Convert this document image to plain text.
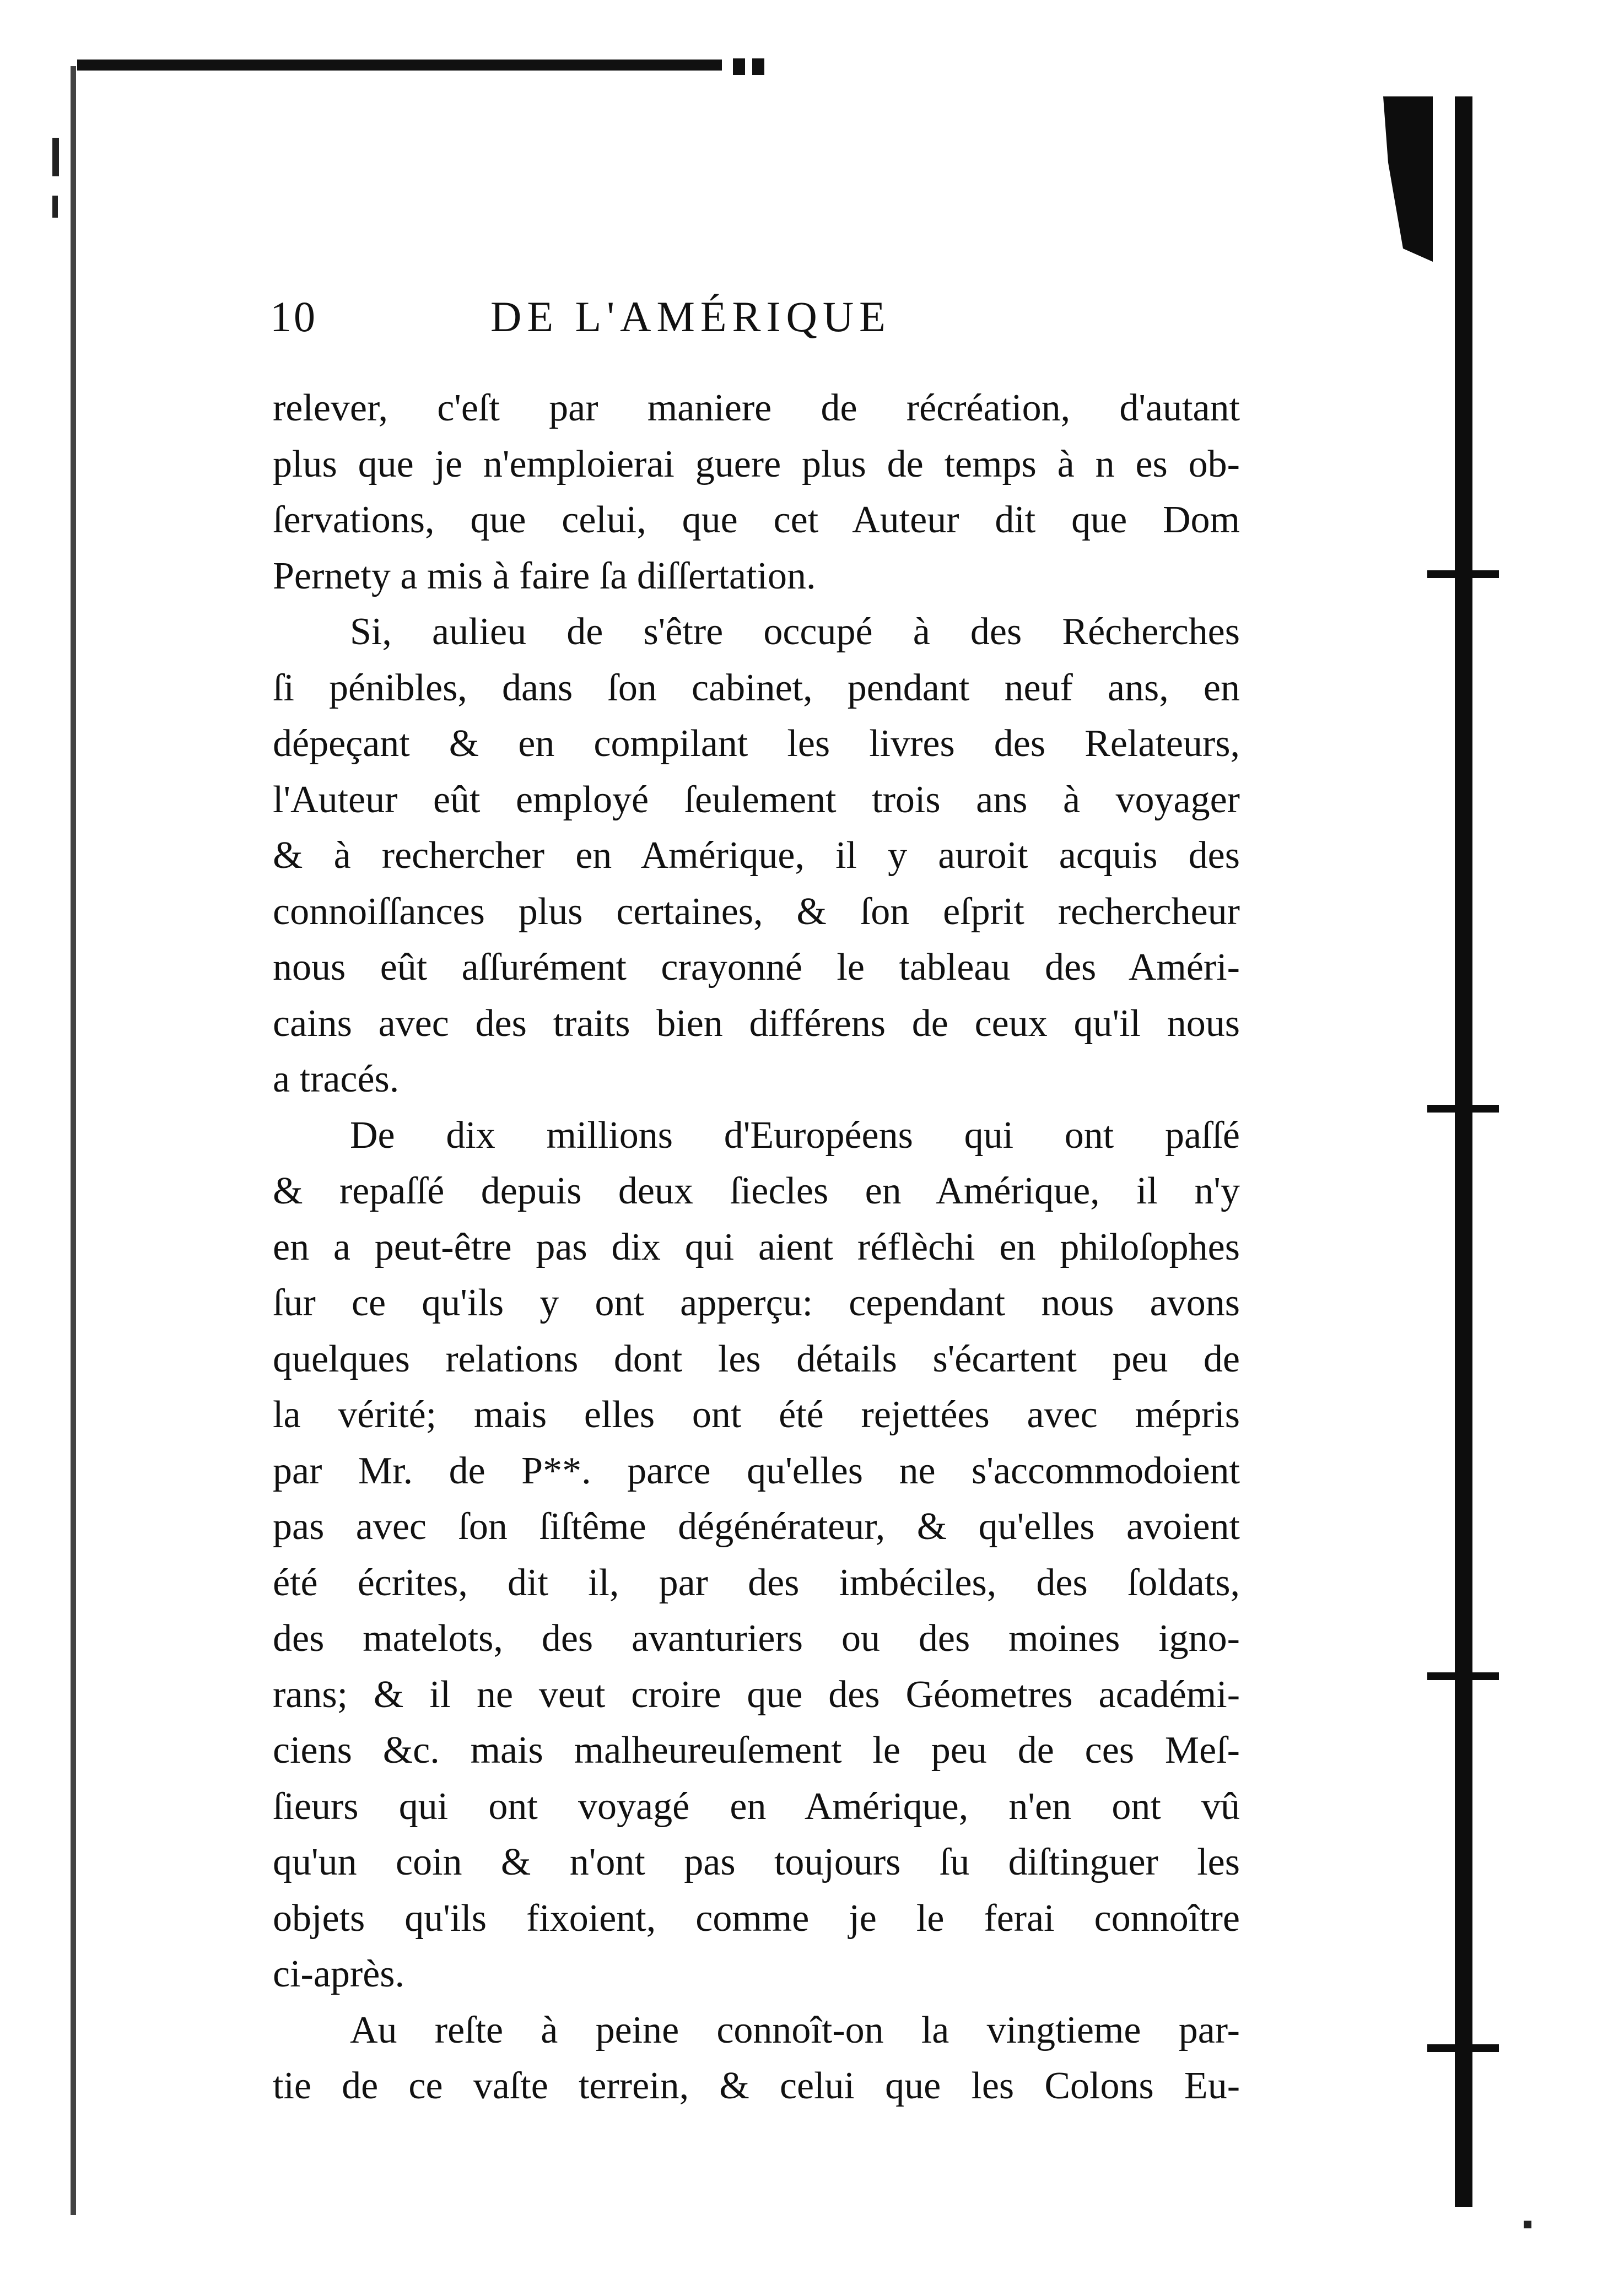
10	DE L'AMÉRIQUE
relever, c'eſt par maniere de récréation, d'autant
plus que je n'emploierai guere plus de temps à n es ob-
ſervations, que celui, que cet Auteur dit que Dom
Pernety a mis à faire ſa diſſertation.
Si, aulieu de s'être occupé à des Récherches
ſi pénibles, dans ſon cabinet, pendant neuf ans, en
dépeçant & en compilant les livres des Relateurs,
l'Auteur eût employé ſeulement trois ans à voyager
& à rechercher en Amérique, il y auroit acquis des
connoiſſances plus certaines, & ſon eſprit rechercheur
nous eût aſſurément crayonné le tableau des Améri-
cains avec des traits bien différens de ceux qu'il nous
a tracés.
De dix millions d'Européens qui ont paſſé
& repaſſé depuis deux ſiecles en Amérique, il n'y
en a peut-être pas dix qui aient réflèchi en philoſophes
ſur ce qu'ils y ont apperçu: cependant nous avons
quelques relations dont les détails s'écartent peu de
la vérité; mais elles ont été rejettées avec mépris
par Mr. de P**. parce qu'elles ne s'accommodoient
pas avec ſon ſiſtême dégénérateur, & qu'elles avoient
été écrites, dit il, par des imbéciles, des ſoldats,
des matelots, des avanturiers ou des moines igno-
rans; & il ne veut croire que des Géometres académi-
ciens &c. mais malheureuſement le peu de ces Meſ-
ſieurs qui ont voyagé en Amérique, n'en ont vû
qu'un coin & n'ont pas toujours ſu diſtinguer les
objets qu'ils fixoient, comme je le ferai connoître
ci-après.
Au reſte à peine connoît-on la vingtieme par-
tie de ce vaſte terrein, & celui que les Colons Eu-
